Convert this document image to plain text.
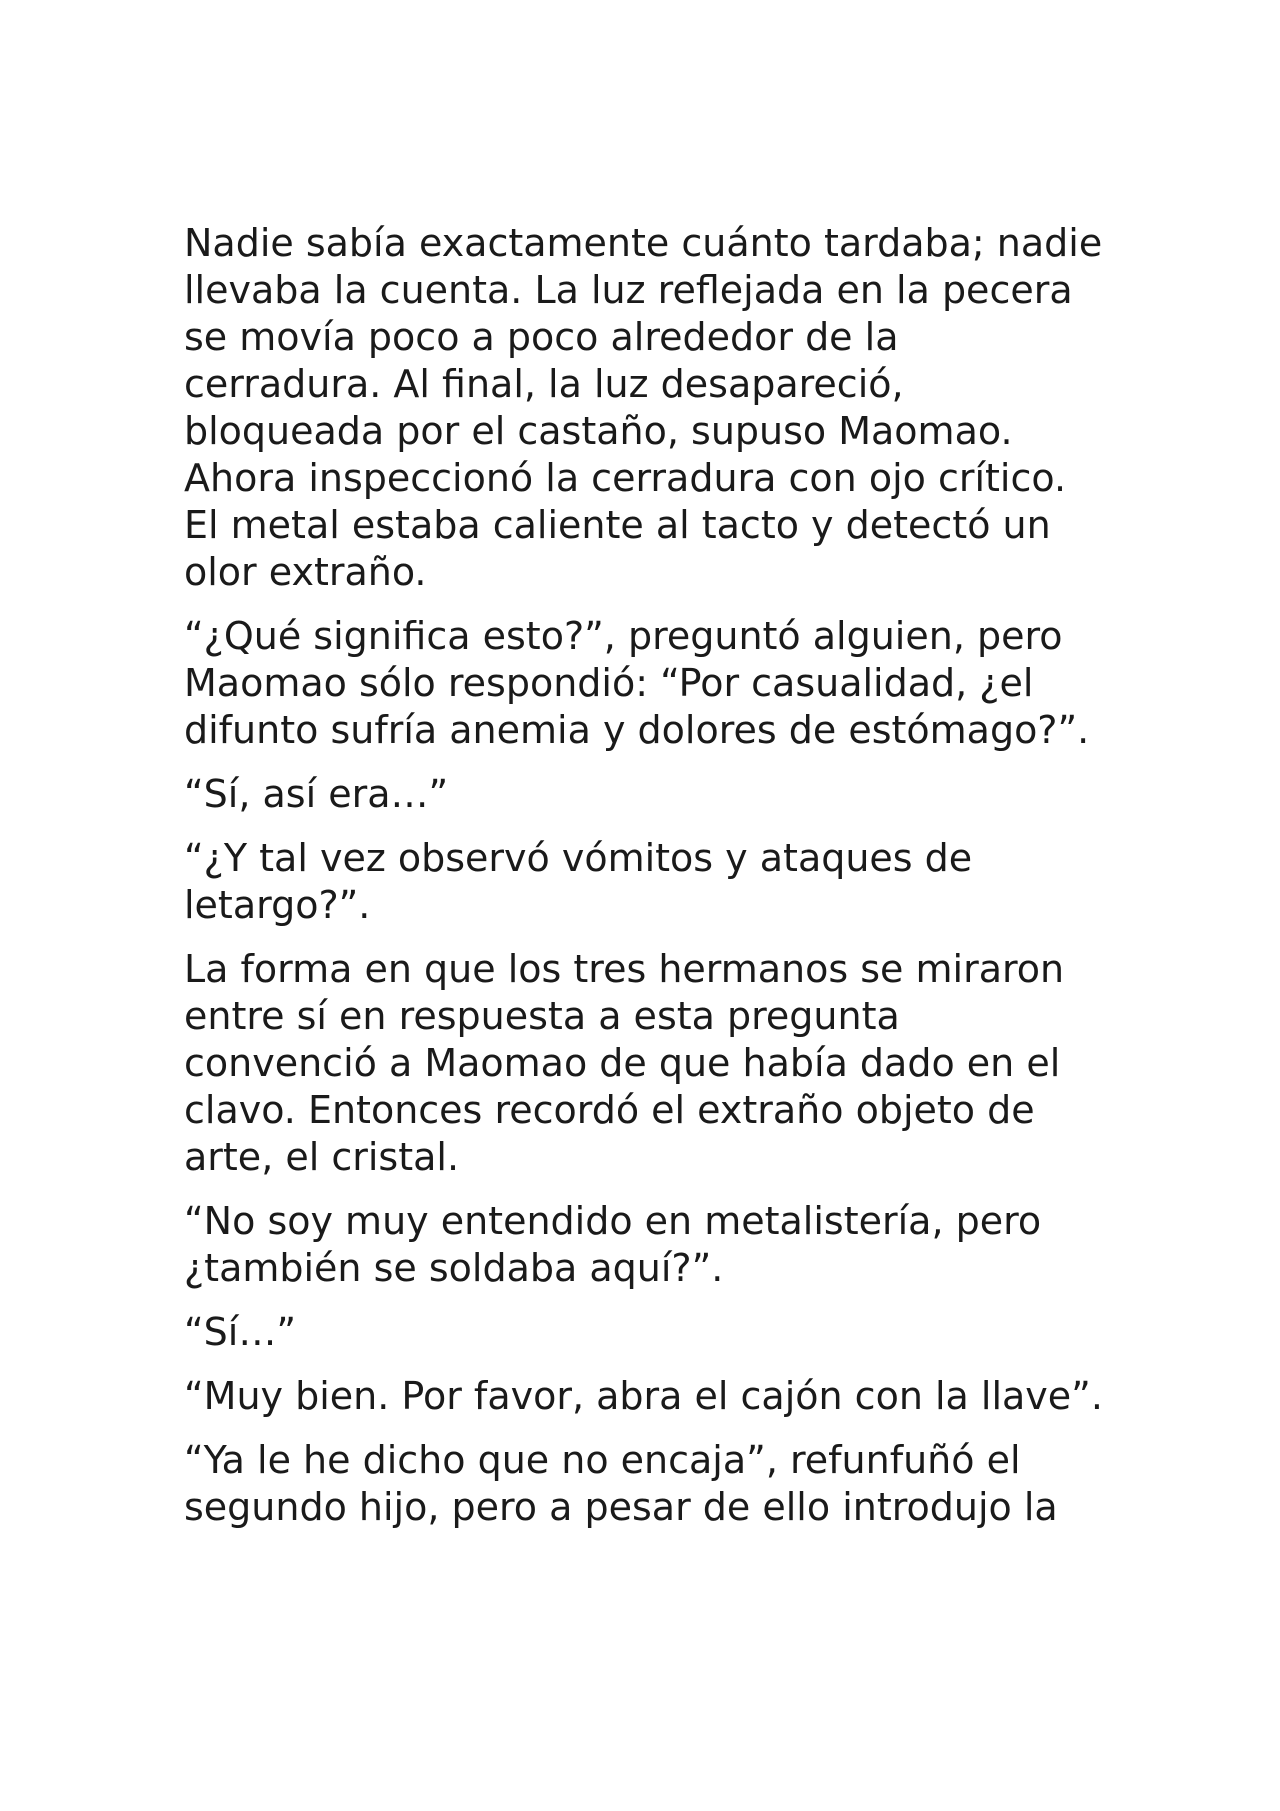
Nadie sabía exactamente cuánto tardaba; nadie llevaba la cuenta. La luz reflejada en la pecera se movía poco a poco alrededor de la cerradura. Al final, la luz desapareció, bloqueada por el castaño, supuso Maomao. Ahora inspeccionó la cerradura con ojo crítico. El metal estaba caliente al tacto y detectó un olor extraño.

“¿Qué significa esto?”, preguntó alguien, pero Maomao sólo respondió: “Por casualidad, ¿el difunto sufría anemia y dolores de estómago?”.

“Sí, así era…”

“¿Y tal vez observó vómitos y ataques de letargo?”.

La forma en que los tres hermanos se miraron entre sí en respuesta a esta pregunta convenció a Maomao de que había dado en el clavo. Entonces recordó el extraño objeto de arte, el cristal.

“No soy muy entendido en metalistería, pero ¿también se soldaba aquí?”.

“Sí…”

“Muy bien. Por favor, abra el cajón con la llave”.

“Ya le he dicho que no encaja”, refunfuñó el segundo hijo, pero a pesar de ello introdujo la
